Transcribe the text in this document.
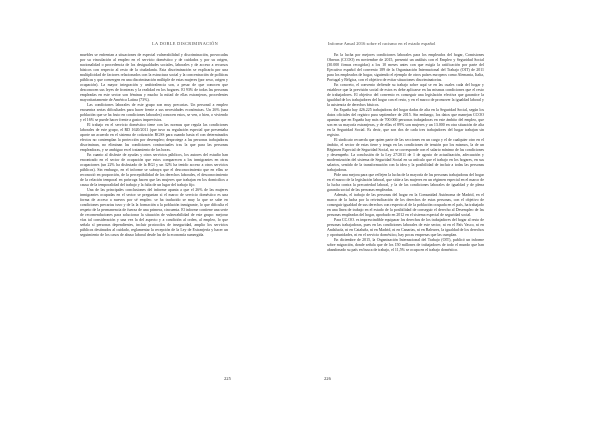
LA DOBLE DISCRIMINACIÓN

muebles se enfrentan a situaciones de especial vulnerabilidad y discriminación, provocadas por su vinculación al empleo en el servicio doméstico y de cuidados y por su origen, nacionalidad o procedencia de los desigualdades sociales, laborales y de acceso a recursos básicos con respecto al resto de la ciudadanía. Esta discriminación se explicaría por una multiplicidad de factores relacionados con la estructura social y la concentración de políticas públicas y que convergen en una discriminación múltiple de estas mujeres (por sexo, origen y ocupación). La mayor integración y ambivalencia son, a pesar de que conocen que desconocen sus leyes de fronteras y la realidad en los hogares. El 93% de todas las personas empleadas en este sector son féminas y mucho la mitad de ellas extranjeras, procedentes mayoritariamente de América Latina (73%).

Las condiciones laborales de este grupo son muy precarias. Un personal a empleo encuentra serias dificultades para hacer frente a sus necesidades económicas. Un 26% (una población que se ha fruto en condiciones laborales) conocen estos, se ven, o bien, o viviendo y el 16% se puede hacer frente a gastos imprevistos.

El trabajo en el servicio doméstico tiene con las normas que regula las condiciones laborales de este grupo, el RD 1620/2011 (que tuvo su regulación especial que presentaba aporte un acuerdo en el sistema de cotización RGSS para cuando hasta el con determinados efectos no contemplan la protección por desempleo; desprotege a las personas trabajadoras discriminan, no eliminan las condiciones contractuales tras la que para las personas empleadoras, y se ambiguo en el tratamiento de las horas.

En cuanto al disfrute de ayudas y otros servicios públicos, los autores del estudio han encontrado en el sector de ocupación que estos comparecen a los inmigrantes en otras ocupaciones (un 22% ha disfrutado de la RGI y un 32% ha tenido acceso a otros servicios públicos). Sin embargo, en el informe se subraya que el desconocimiento que en ellas se reconoció en proporción, de la perceptibilidad de los derechos laborales, el desconocimiento de la relación temporal en prórroga hacen que las mujeres que trabajan en los domicilios a causa de la temporalidad del trabajo y la falta de un lugar del trabajo fijo.

Una de las principales conclusiones del informe apunta a que el 26% de las mujeres inmigrantes ocupadas en el sector se preguntan si el marco de servicio doméstico es una forma de acceso a nuevos por sé empleo. se ha traducido se muy la que se sabe en condiciones precarias tuvo y de la la formación a la población inmigrante, lo que dificulta el respeto de la permanencia de fuerza de una primera, cincuenta. El informe contiene una serie de recomendaciones para solucionar la situación de vulnerabilidad de este grupo: mejorar vías tal consideración y una vez la del aspecto y a condición al orden, al empleo, lo que señala sí personas dependientes, incluir protocolos de inseguridad, amplio los servicios públicos destinados al cuidado, reglamentar la recepción de la Ley de Extranjería y hacer un seguimiento de los casos de abuso laboral desde las de la economía sumergida.

225
Informe Anual 2016 sobre el racismo en el estado español

En la lucha por mejores condiciones laborales para los empleados del hogar, Comisiones Obreras (CCOO) en noviembre de 2015, presentó un análisis con el Empleo y Seguridad Social (30.000 firmas recogidas) a los 10 meses antes con que exigía la ratificación por parte del Ejecutivo español del convenio 189 de la Organización Internacional del Trabajo (OIT) de 2011 para los empleados de hogar, siguiendo el ejemplo de otros países europeos como Alemania, Italia, Portugal y Bélgica, con el objetivo de evitar situaciones discriminatorias.

En concreto, el convenio defiende su trabajo sobre aquí se en las cuales cada del hogar y establece que la previsión social de estos es debe aplicarse en las mismas condiciones que el resto de trabajadores. El objetivo del convenio es conseguir una legislación efectiva que garantice la igualdad de los trabajadores del hogar con el resto, y en el marco de promover la igualdad laboral y la asistencia de derechos básicos.

En España hay 426.225 trabajadoras del hogar dadas de alta en la Seguridad Social, según los datos oficiales del registro para septiembre de 2015. Sin embargo, los datos que manejan CCOO apuntan que en España hay más de 700.000 personas trabajadoras en este ámbito del empleo, que son en su mayoría extranjeras, y de ellas el 89% son mujeres y un 13.000 en otra situación de alta en la Seguridad Social. Es decir, que son dos de cada tres trabajadores del hogar trabajan sin registro.

El sindicato recuerda que quien parte de las secciones en un cargo y el de cualquier otro en el ámbito, el sector de estas tiene y tenga en las condiciones de tensión por los mismos, la de un Régimen Especial de Seguridad Social, no se corresponde con el salario mínimo de las condiciones y desempeño. La conclusión de la Ley 27/2011 de 1 de agosto de actualización, adecuación y modernización del sistema de Seguridad Social en su artículo que el trabajo en los hogares, en sus salarios, sentido de la transformación con la idea y la posibilidad de incluir a todas las personas trabajadoras.

Pide una mejora para que reflejen la lucha de la mayoría de las personas trabajadoras del hogar en el marco de la legislación laboral, que sitúe a las mujeres en un régimen especial en el marco de la lucha contra la precariedad laboral, y la de las condiciones laborales de igualdad y de plena garantía social de las personas empleadas.

Además, el trabajo de las personas del hogar en la Comunidad Autónoma de Madrid, en el marco de la lucha por la reivindicación de los derechos de estas personas, con el objetivo de conseguir igualdad de sus derechos con respecto al de la población ocupada en el país, ha trabajado en una línea de trabajo en el estado de la posibilidad de conseguir el derecho al Desempleo de las personas empleadas del hogar, aprobado en 2012 en el sistema especial de seguridad social.

Para CC.OO. es imprescindible equiparar los derechos de los trabajadores del hogar al resto de personas trabajadoras, pues en las condiciones laborales de este sector, ni en el País Vasco, ni en Andalucía, ni en Cataluña, ni en Madrid, ni en Canarias, ni en Baleares, la igualdad de los derechos y oportunidades, ni en el servicio doméstico, hay pocas empresas que las cumplan.

En diciembre de 2015, la Organización Internacional del Trabajo (OIT), publicó un informe sobre migración, donde señala que de los 150 millones de trabajadores de todo el mundo que han abandonado su país en busca de trabajo, el 11,5% se ocupa en el trabajo doméstico.

226
